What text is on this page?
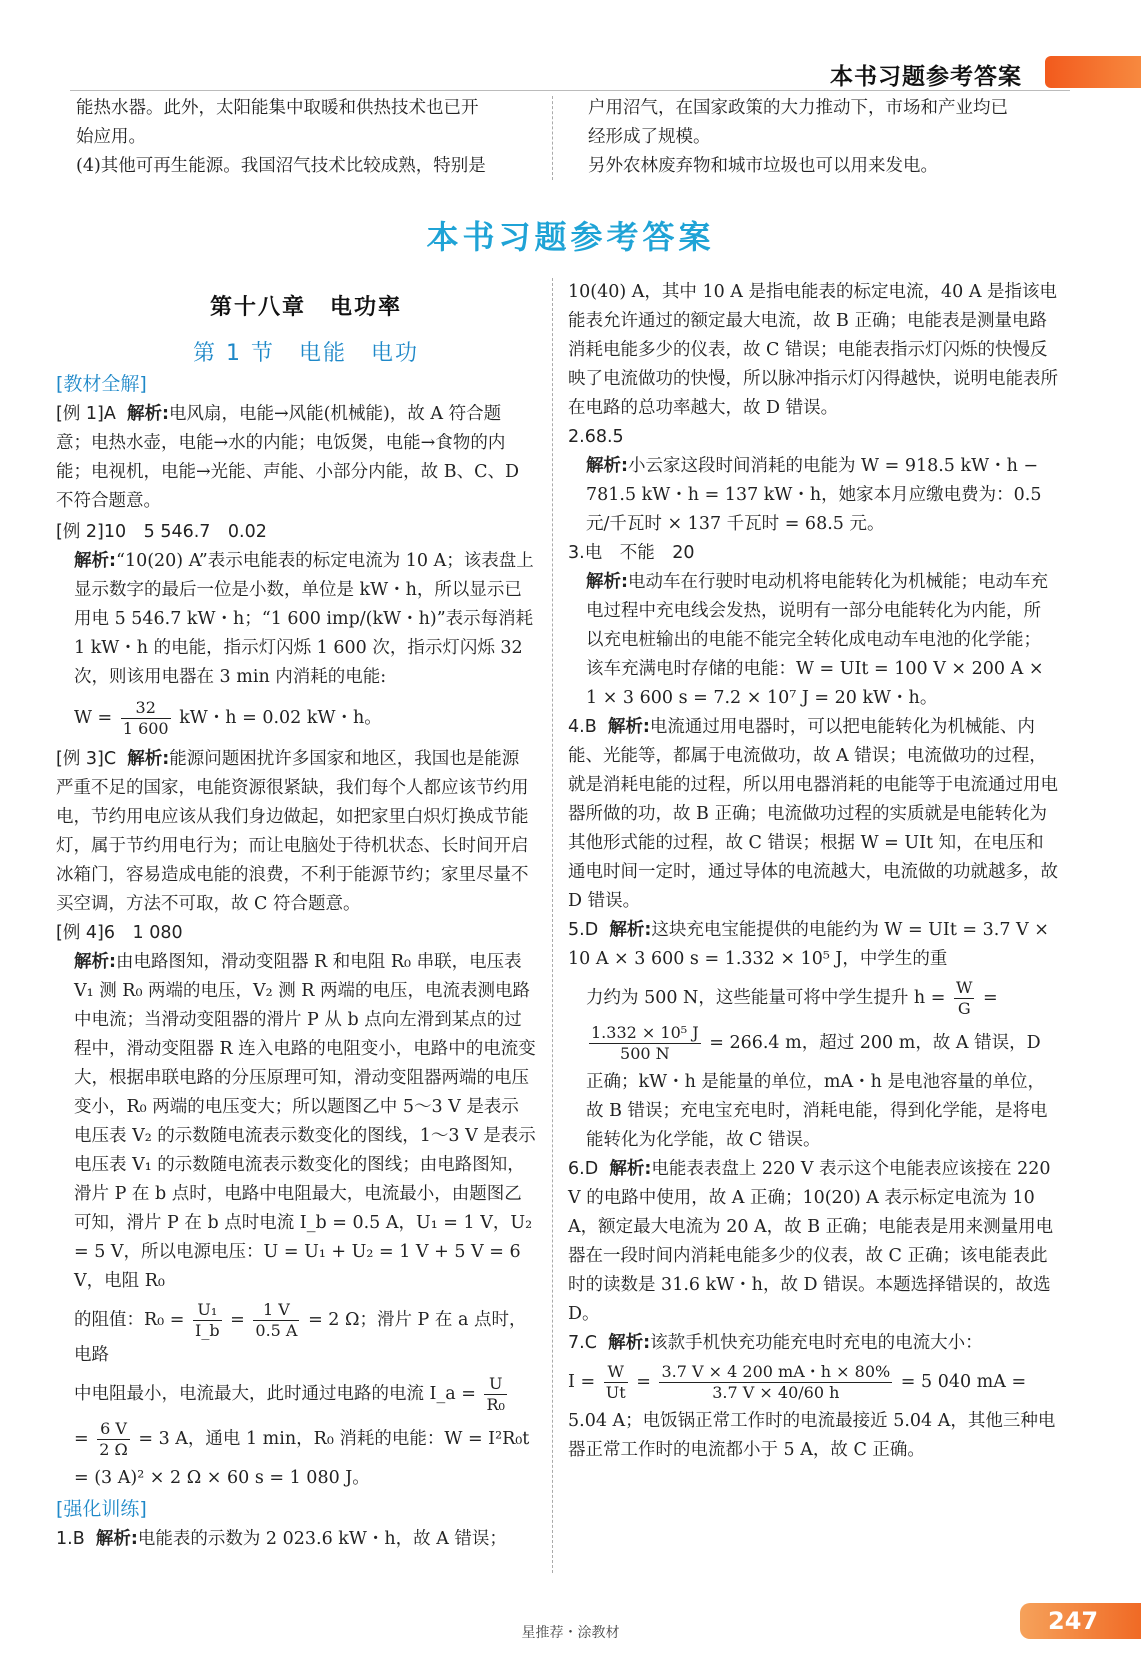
本书习题参考答案

能热水器。此外，太阳能集中取暖和供热技术也已开

始应用。

(4)其他可再生能源。我国沼气技术比较成熟，特别是

户用沼气，在国家政策的大力推动下，市场和产业均已

经形成了规模。

另外农林废弃物和城市垃圾也可以用来发电。

本书习题参考答案
第十八章　电功率
第 1 节　电能　电功

[教材全解]

[例 1]A 解析:电风扇，电能→风能(机械能)，故 A 符合题意；电热水壶，电能→水的内能；电饭煲，电能→食物的内能；电视机，电能→光能、声能、小部分内能，故 B、C、D 不符合题意。

[例 2]10　5 546.7　0.02

解析:“10(20) A”表示电能表的标定电流为 10 A；该表盘上显示数字的最后一位是小数，单位是 kW・h，所以显示已用电 5 546.7 kW・h；“1 600 imp/(kW・h)”表示每消耗 1 kW・h 的电能，指示灯闪烁 1 600 次，指示灯闪烁 32 次，则该用电器在 3 min 内消耗的电能:

$W = \frac{32}{1 600}$ kW・h = 0.02 kW・h。

[例 3]C 解析:能源问题困扰许多国家和地区，我国也是能源严重不足的国家，电能资源很紧缺，我们每个人都应该节约用电，节约用电应该从我们身边做起，如把家里白炽灯换成节能灯，属于节约用电行为；而让电脑处于待机状态、长时间开启冰箱门，容易造成电能的浪费，不利于能源节约；家里尽量不买空调，方法不可取，故 C 符合题意。

[例 4]6　1 080

解析:由电路图知，滑动变阻器 R 和电阻 R₀ 串联，电压表 V₁ 测 R₀ 两端的电压，V₂ 测 R 两端的电压，电流表测电路中电流；当滑动变阻器的滑片 P 从 b 点向左滑到某点的过程中，滑动变阻器 R 连入电路的电阻变小，电路中的电流变大，根据串联电路的分压原理可知，滑动变阻器两端的电压变小，R₀ 两端的电压变大；所以题图乙中 5～3 V 是表示电压表 V₂ 的示数随电流表示数变化的图线，1～3 V 是表示电压表 V₁ 的示数随电流表示数变化的图线；由电路图知，滑片 P 在 b 点时，电路中电阻最大，电流最小，由题图乙可知，滑片 P 在 b 点时电流 I_b = 0.5 A，U₁ = 1 V，U₂ = 5 V，所以电源电压：U = U₁ + U₂ = 1 V + 5 V = 6 V，电阻 R₀

的阻值：$R_0 = \frac{\text{U₁}}{I\_b} = \frac{1 V}{0.5 A} = 2$ Ω；滑片 P 在 a 点时，电路

中电阻最小，电流最大，此时通过电路的电流 I_a = $\frac{U}{\text{R₀}}$

= $\frac{6 V}{2 \Omega} = 3$ A，通电 1 min，R₀ 消耗的电能：W = I²R₀t

= (3 A)² × 2 Ω × 60 s = 1 080 J。

[强化训练]

1.B 解析:电能表的示数为 2 023.6 kW・h，故 A 错误；

10(40) A，其中 10 A 是指电能表的标定电流，40 A 是指该电能表允许通过的额定最大电流，故 B 正确；电能表是测量电路消耗电能多少的仪表，故 C 错误；电能表指示灯闪烁的快慢反映了电流做功的快慢，所以脉冲指示灯闪得越快，说明电能表所在电路的总功率越大，故 D 错误。

2.68.5

解析:小云家这段时间消耗的电能为 W = 918.5 kW・h − 781.5 kW・h = 137 kW・h，她家本月应缴电费为：0.5 元/千瓦时 × 137 千瓦时 = 68.5 元。

3.电　不能　20

解析:电动车在行驶时电动机将电能转化为机械能；电动车充电过程中充电线会发热，说明有一部分电能转化为内能，所以充电桩输出的电能不能完全转化成电动车电池的化学能；该车充满电时存储的电能：W = UIt = 100 V × 200 A × 1 × 3 600 s = 7.2 × 10⁷ J = 20 kW・h。

4.B 解析:电流通过用电器时，可以把电能转化为机械能、内能、光能等，都属于电流做功，故 A 错误；电流做功的过程，就是消耗电能的过程，所以用电器消耗的电能等于电流通过用电器所做的功，故 B 正确；电流做功过程的实质就是电能转化为其他形式能的过程，故 C 错误；根据 W = UIt 知，在电压和通电时间一定时，通过导体的电流越大，电流做的功就越多，故 D 错误。

5.D 解析:这块充电宝能提供的电能约为 W = UIt = 3.7 V × 10 A × 3 600 s = 1.332 × 10⁵ J，中学生的重

力约为 500 N，这些能量可将中学生提升 $h = \frac{W}{G}$ =

$\frac{\text{1.332 × 10⁵ J}}{500 N} = 266.4$ m，超过 200 m，故 A 错误，D

正确；kW・h 是能量的单位，mA・h 是电池容量的单位，故 B 错误；充电宝充电时，消耗电能，得到化学能，是将电能转化为化学能，故 C 错误。

6.D 解析:电能表表盘上 220 V 表示这个电能表应该接在 220 V 的电路中使用，故 A 正确；10(20) A 表示标定电流为 10 A，额定最大电流为 20 A，故 B 正确；电能表是用来测量用电器在一段时间内消耗电能多少的仪表，故 C 正确；该电能表此时的读数是 31.6 kW・h，故 D 错误。本题选择错误的，故选 D。

7.C 解析:该款手机快充功能充电时充电的电流大小：

$I = \frac{W}{Ut} = \frac{3.7 V \times 4 200 mA・h \times 80\%}{3.7 V \times 40/60 h} = 5$ 040 mA =

5.04 A；电饭锅正常工作时的电流最接近 5.04 A，其他三种电器正常工作时的电流都小于 5 A，故 C 正确。

星推荐・涂教材	247
